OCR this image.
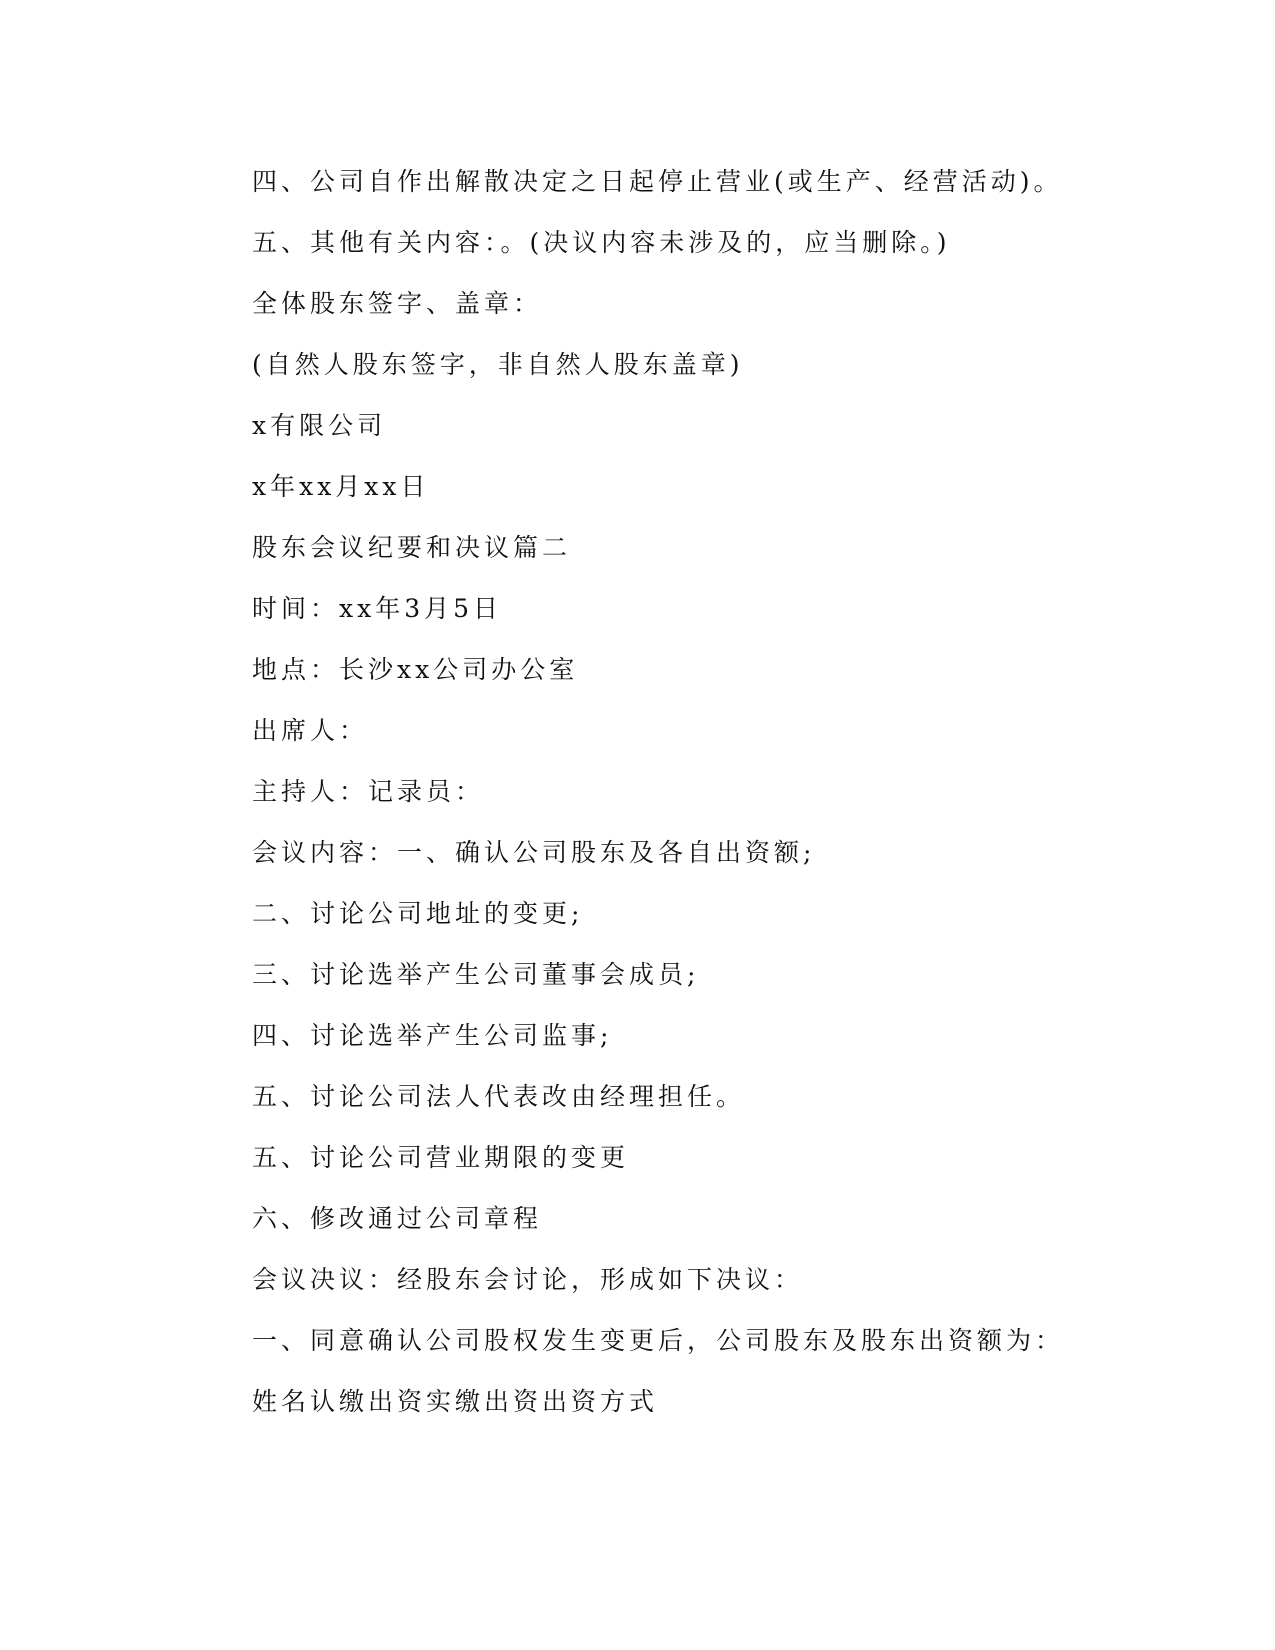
四、公司自作出解散决定之日起停止营业(或生产、经营活动)。
五、其他有关内容：。(决议内容未涉及的，应当删除。)
全体股东签字、盖章：
(自然人股东签字，非自然人股东盖章)
x有限公司
x年xx月xx日
股东会议纪要和决议篇二
时间：xx年3月5日
地点：长沙xx公司办公室
出席人：
主持人：记录员：
会议内容：一、确认公司股东及各自出资额;
二、讨论公司地址的变更;
三、讨论选举产生公司董事会成员;
四、讨论选举产生公司监事;
五、讨论公司法人代表改由经理担任。
五、讨论公司营业期限的变更
六、修改通过公司章程
会议决议：经股东会讨论，形成如下决议：
一、同意确认公司股权发生变更后，公司股东及股东出资额为：
姓名认缴出资实缴出资出资方式
